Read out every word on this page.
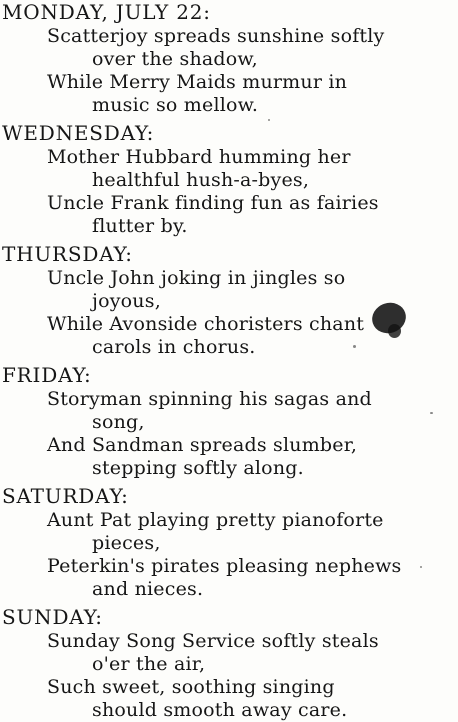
MONDAY, JULY 22:
Scatterjoy spreads sunshine softly
over the shadow,
While Merry Maids murmur in
music so mellow.
WEDNESDAY:
Mother Hubbard humming her
healthful hush-a-byes,
Uncle Frank finding fun as fairies
flutter by.
THURSDAY:
Uncle John joking in jingles so
joyous,
While Avonside choristers chant
carols in chorus.
FRIDAY:
Storyman spinning his sagas and
song,
And Sandman spreads slumber,
stepping softly along.
SATURDAY:
Aunt Pat playing pretty pianoforte
pieces,
Peterkin's pirates pleasing nephews
and nieces.
SUNDAY:
Sunday Song Service softly steals
o'er the air,
Such sweet, soothing singing
should smooth away care.
